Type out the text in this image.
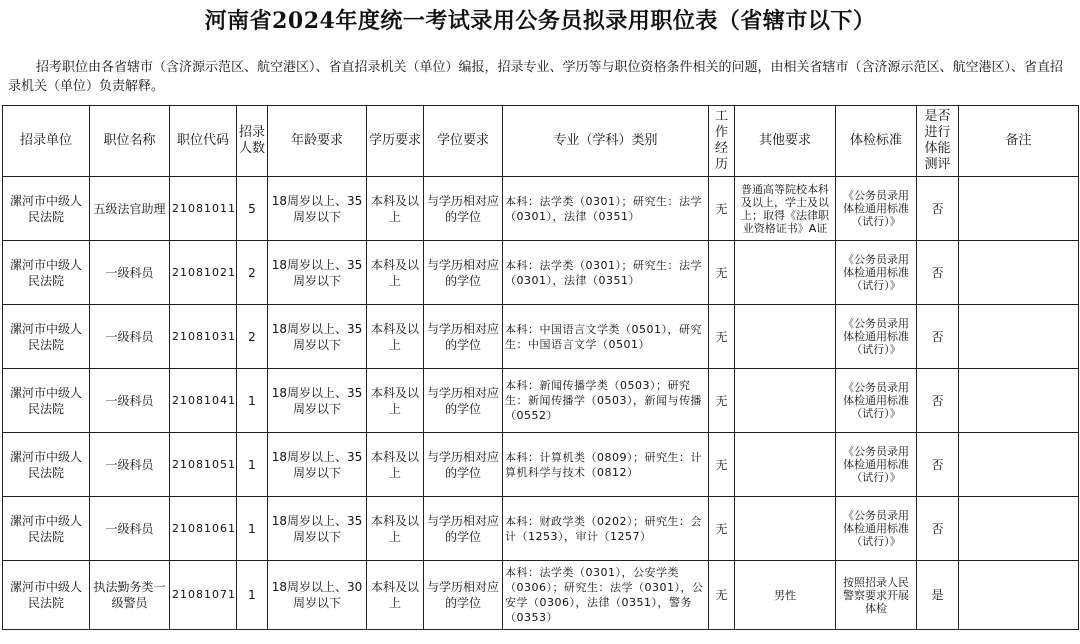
河南省2024年度统一考试录用公务员拟录用职位表（省辖市以下）
招考职位由各省辖市（含济源示范区、航空港区）、省直招录机关（单位）编报，招录专业、学历等与职位资格条件相关的问题，由相关省辖市（含济源示范区、航空港区）、省直招录机关（单位）负责解释。
招录单位	职位名称	职位代码	招录人数	年龄要求	学历要求	学位要求	专业（学科）类别	工作经历	其他要求	体检标准	是否进行体能测评	备注
漯河市中级人民法院	五级法官助理	21081011	5	18周岁以上、35周岁以下	本科及以上	与学历相对应的学位	本科：法学类（0301）；研究生：法学（0301），法律（0351）	无	普通高等院校本科及以上，学士及以上；取得《法律职业资格证书》A证	《公务员录用体检通用标准（试行）》	否	
漯河市中级人民法院	一级科员	21081021	2	18周岁以上、35周岁以下	本科及以上	与学历相对应的学位	本科：法学类（0301）；研究生：法学（0301），法律（0351）	无		《公务员录用体检通用标准（试行）》	否	
漯河市中级人民法院	一级科员	21081031	2	18周岁以上、35周岁以下	本科及以上	与学历相对应的学位	本科：中国语言文学类（0501），研究生：中国语言文学（0501）	无		《公务员录用体检通用标准（试行）》	否	
漯河市中级人民法院	一级科员	21081041	1	18周岁以上、35周岁以下	本科及以上	与学历相对应的学位	本科：新闻传播学类（0503）；研究生：新闻传播学（0503），新闻与传播（0552）	无		《公务员录用体检通用标准（试行）》	否	
漯河市中级人民法院	一级科员	21081051	1	18周岁以上、35周岁以下	本科及以上	与学历相对应的学位	本科：计算机类（0809）；研究生：计算机科学与技术（0812）	无		《公务员录用体检通用标准（试行）》	否	
漯河市中级人民法院	一级科员	21081061	1	18周岁以上、35周岁以下	本科及以上	与学历相对应的学位	本科：财政学类（0202）；研究生：会计（1253），审计（1257）	无		《公务员录用体检通用标准（试行）》	否	
漯河市中级人民法院	执法勤务类一级警员	21081071	1	18周岁以上、30周岁以下	本科及以上	与学历相对应的学位	本科：法学类（0301），公安学类（0306）；研究生：法学（0301），公安学（0306），法律（0351），警务（0353）	无	男性	按照招录人民警察要求开展体检	是	
